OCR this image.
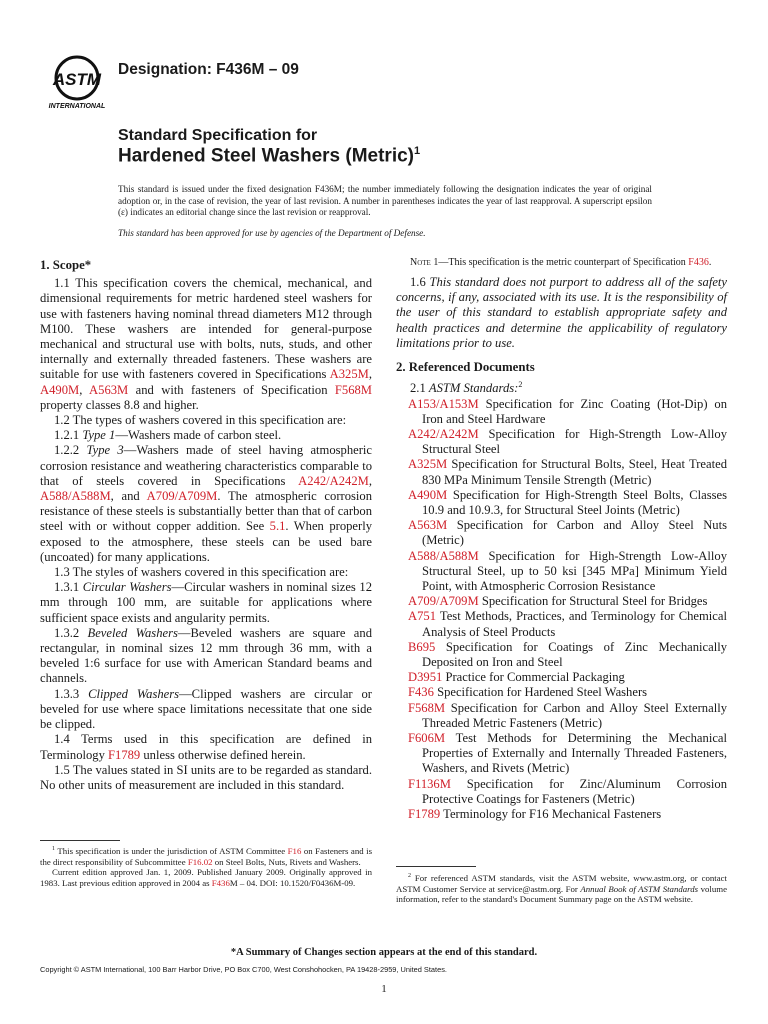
ASTM
INTERNATIONAL
Designation: F436M – 09
Standard Specification for
Hardened Steel Washers (Metric)$^1$
This standard is issued under the fixed designation F436M; the number immediately following the designation indicates the year of original adoption or, in the case of revision, the year of last revision. A number in parentheses indicates the year of last reapproval. A superscript epsilon (ε) indicates an editorial change since the last revision or reapproval.
This standard has been approved for use by agencies of the Department of Defense.
1. Scope*

1.1 This specification covers the chemical, mechanical, and dimensional requirements for metric hardened steel washers for use with fasteners having nominal thread diameters M12 through M100. These washers are intended for general-purpose mechanical and structural use with bolts, nuts, studs, and other internally and externally threaded fasteners. These washers are suitable for use with fasteners covered in Specifications A325M, A490M, A563M and with fasteners of Specification F568M property classes 8.8 and higher.

1.2 The types of washers covered in this specification are:

1.2.1 Type 1—Washers made of carbon steel.

1.2.2 Type 3—Washers made of steel having atmospheric corrosion resistance and weathering characteristics comparable to that of steels covered in Specifications A242/A242M, A588/A588M, and A709/A709M. The atmospheric corrosion resistance of these steels is substantially better than that of carbon steel with or without copper addition. See 5.1. When properly exposed to the atmosphere, these steels can be used bare (uncoated) for many applications.

1.3 The styles of washers covered in this specification are:

1.3.1 Circular Washers—Circular washers in nominal sizes 12 mm through 100 mm, are suitable for applications where sufficient space exists and angularity permits.

1.3.2 Beveled Washers—Beveled washers are square and rectangular, in nominal sizes 12 mm through 36 mm, with a beveled 1:6 surface for use with American Standard beams and channels.

1.3.3 Clipped Washers—Clipped washers are circular or beveled for use where space limitations necessitate that one side be clipped.

1.4 Terms used in this specification are defined in Terminology F1789 unless otherwise defined herein.

1.5 The values stated in SI units are to be regarded as standard. No other units of measurement are included in this standard.

Note 1—This specification is the metric counterpart of Specification F436.

1.6 This standard does not purport to address all of the safety concerns, if any, associated with its use. It is the responsibility of the user of this standard to establish appropriate safety and health practices and determine the applicability of regulatory limitations prior to use.

2. Referenced Documents

2.1 ASTM Standards:$^2$

A153/A153M Specification for Zinc Coating (Hot-Dip) on Iron and Steel Hardware

A242/A242M Specification for High-Strength Low-Alloy Structural Steel

A325M Specification for Structural Bolts, Steel, Heat Treated 830 MPa Minimum Tensile Strength (Metric)

A490M Specification for High-Strength Steel Bolts, Classes 10.9 and 10.9.3, for Structural Steel Joints (Metric)

A563M Specification for Carbon and Alloy Steel Nuts (Metric)

A588/A588M Specification for High-Strength Low-Alloy Structural Steel, up to 50 ksi [345 MPa] Minimum Yield Point, with Atmospheric Corrosion Resistance

A709/A709M Specification for Structural Steel for Bridges

A751 Test Methods, Practices, and Terminology for Chemical Analysis of Steel Products

B695 Specification for Coatings of Zinc Mechanically Deposited on Iron and Steel

D3951 Practice for Commercial Packaging

F436 Specification for Hardened Steel Washers

F568M Specification for Carbon and Alloy Steel Externally Threaded Metric Fasteners (Metric)

F606M Test Methods for Determining the Mechanical Properties of Externally and Internally Threaded Fasteners, Washers, and Rivets (Metric)

F1136M Specification for Zinc/Aluminum Corrosion Protective Coatings for Fasteners (Metric)

F1789 Terminology for F16 Mechanical Fasteners

$^1$ This specification is under the jurisdiction of ASTM Committee F16 on Fasteners and is the direct responsibility of Subcommittee F16.02 on Steel Bolts, Nuts, Rivets and Washers.

Current edition approved Jan. 1, 2009. Published January 2009. Originally approved in 1983. Last previous edition approved in 2004 as F436M – 04. DOI: 10.1520/F0436M-09.

$^2$ For referenced ASTM standards, visit the ASTM website, www.astm.org, or contact ASTM Customer Service at service@astm.org. For Annual Book of ASTM Standards volume information, refer to the standard's Document Summary page on the ASTM website.

*A Summary of Changes section appears at the end of this standard.
Copyright © ASTM International, 100 Barr Harbor Drive, PO Box C700, West Conshohocken, PA 19428-2959, United States.
1
